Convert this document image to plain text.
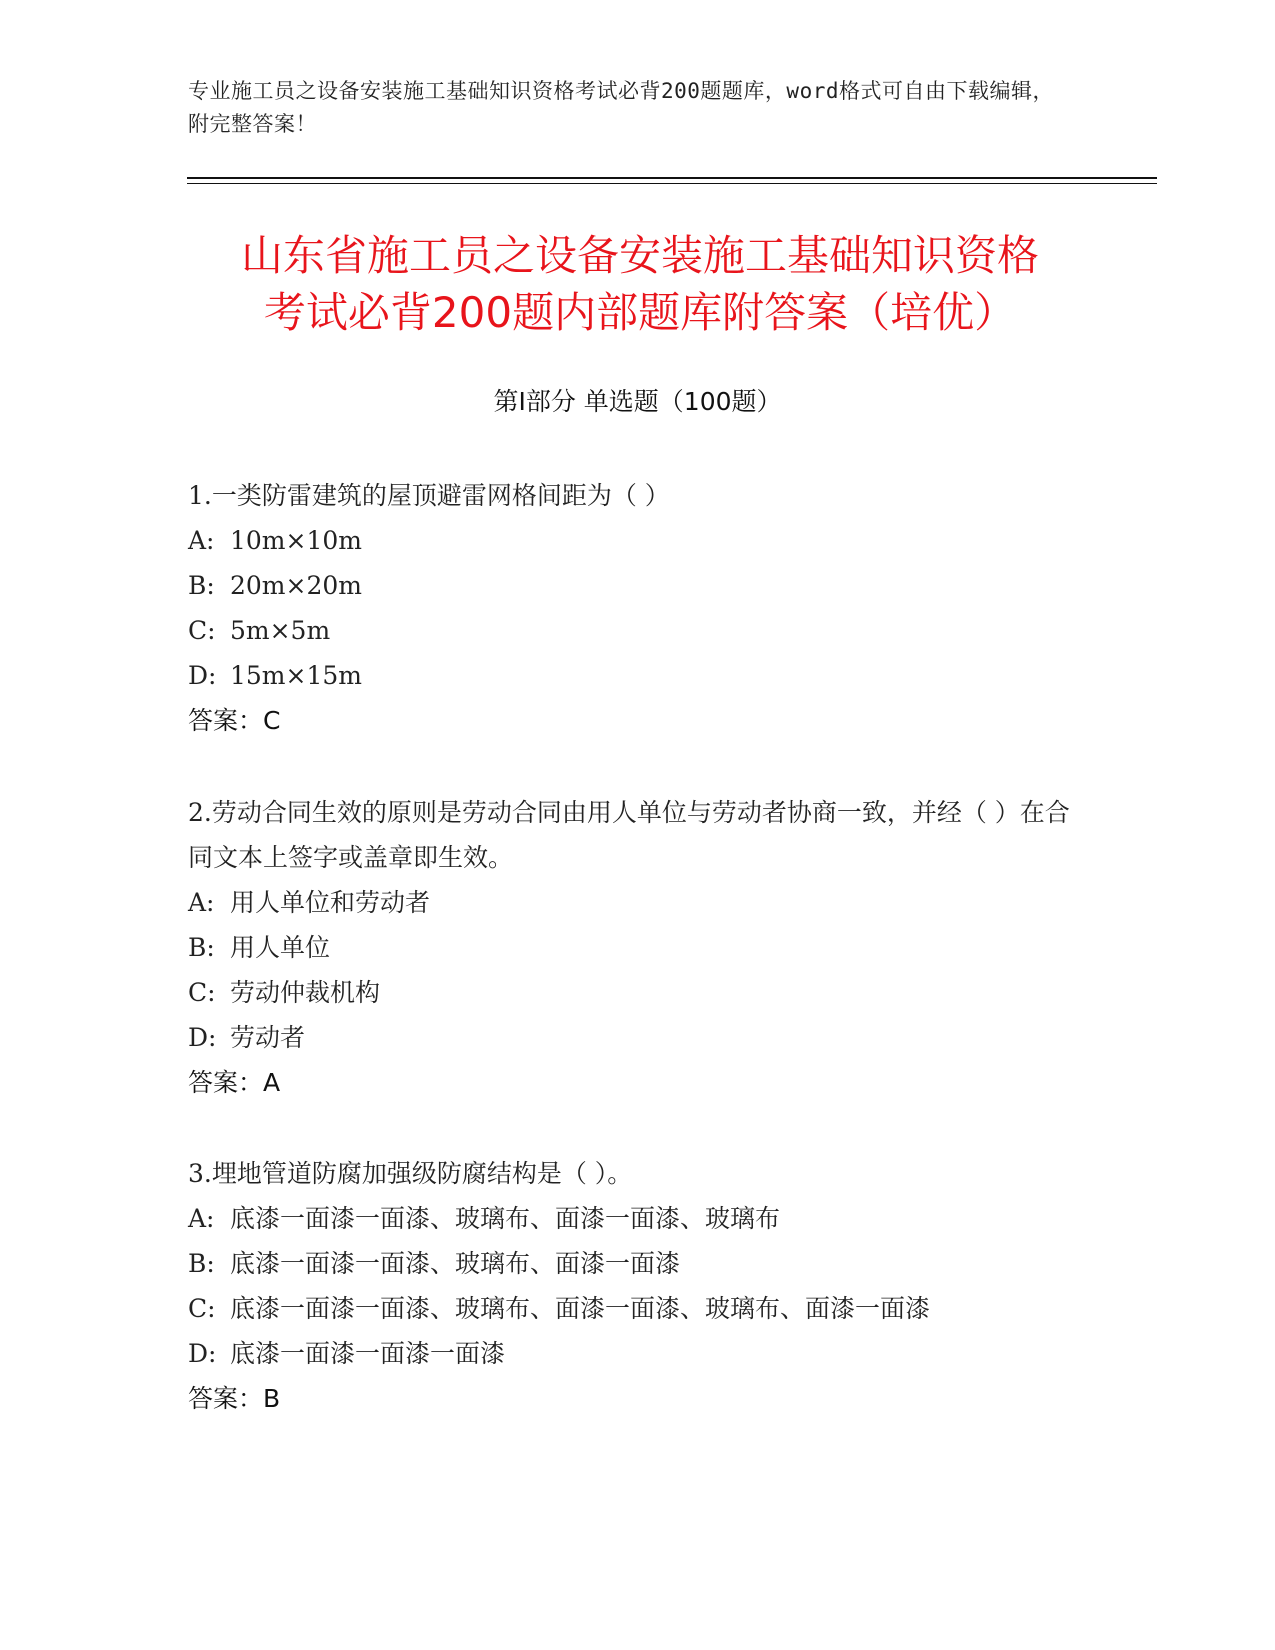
专业施工员之设备安装施工基础知识资格考试必背200题题库，word格式可自由下载编辑，附完整答案！
山东省施工员之设备安装施工基础知识资格
考试必背200题内部题库附答案（培优）
第I部分 单选题（100题）

1.一类防雷建筑的屋顶避雷网格间距为（ ）

A: 10m×10m

B: 20m×20m

C: 5m×5m

D: 15m×15m

答案：C

2.劳动合同生效的原则是劳动合同由用人单位与劳动者协商一致，并经（ ）在合同文本上签字或盖章即生效。

A: 用人单位和劳动者

B: 用人单位

C: 劳动仲裁机构

D: 劳动者

答案：A

3.埋地管道防腐加强级防腐结构是（ ）。

A: 底漆一面漆一面漆、玻璃布、面漆一面漆、玻璃布

B: 底漆一面漆一面漆、玻璃布、面漆一面漆

C: 底漆一面漆一面漆、玻璃布、面漆一面漆、玻璃布、面漆一面漆

D: 底漆一面漆一面漆一面漆

答案：B
